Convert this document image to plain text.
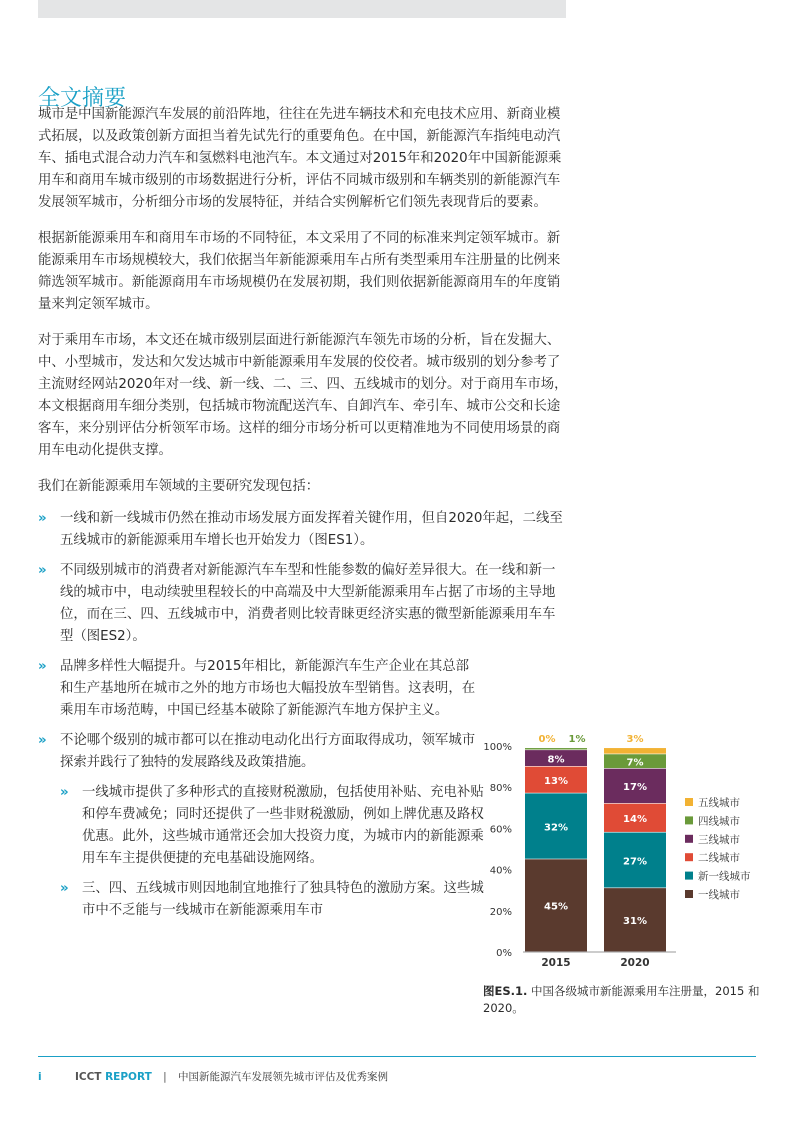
全文摘要

城市是中国新能源汽车发展的前沿阵地，往往在先进车辆技术和充电技术应用、新商业模式拓展，以及政策创新方面担当着先试先行的重要角色。在中国，新能源汽车指纯电动汽车、插电式混合动力汽车和氢燃料电池汽车。本文通过对2015年和2020年中国新能源乘用车和商用车城市级别的市场数据进行分析，评估不同城市级别和车辆类别的新能源汽车发展领军城市，分析细分市场的发展特征，并结合实例解析它们领先表现背后的要素。

根据新能源乘用车和商用车市场的不同特征，本文采用了不同的标准来判定领军城市。新能源乘用车市场规模较大，我们依据当年新能源乘用车占所有类型乘用车注册量的比例来筛选领军城市。新能源商用车市场规模仍在发展初期，我们则依据新能源商用车的年度销量来判定领军城市。

对于乘用车市场，本文还在城市级别层面进行新能源汽车领先市场的分析，旨在发掘大、中、小型城市，发达和欠发达城市中新能源乘用车发展的佼佼者。城市级别的划分参考了主流财经网站2020年对一线、新一线、二、三、四、五线城市的划分。对于商用车市场，本文根据商用车细分类别，包括城市物流配送汽车、自卸汽车、牵引车、城市公交和长途客车，来分别评估分析领军市场。这样的细分市场分析可以更精准地为不同使用场景的商用车电动化提供支撑。

我们在新能源乘用车领域的主要研究发现包括：

» 一线和新一线城市仍然在推动市场发展方面发挥着关键作用，但自2020年起，二线至五线城市的新能源乘用车增长也开始发力（图ES1）。
» 不同级别城市的消费者对新能源汽车车型和性能参数的偏好差异很大。在一线和新一线的城市中，电动续驶里程较长的中高端及中大型新能源乘用车占据了市场的主导地位，而在三、四、五线城市中，消费者则比较青睐更经济实惠的微型新能源乘用车车型（图ES2）。
» 品牌多样性大幅提升。与2015年相比，新能源汽车生产企业在其总部和生产基地所在城市之外的地方市场也大幅投放车型销售。这表明，在乘用车市场范畴，中国已经基本破除了新能源汽车地方保护主义。
» 不论哪个级别的城市都可以在推动电动化出行方面取得成功，领军城市探索并践行了独特的发展路线及政策措施。
» 一线城市提供了多种形式的直接财税激励，包括使用补贴、充电补贴和停车费减免；同时还提供了一些非财税激励，例如上牌优惠及路权优惠。此外，这些城市通常还会加大投资力度，为城市内的新能源乘用车车主提供便捷的充电基础设施网络。
» 三、四、五线城市则因地制宜地推行了独具特色的激励方案。这些城市中不乏能与一线城市在新能源乘用车市
0%
20%
40%
60%
80%
100%
45%
32%
13%
8%
0% 1%
2015
31%
27%
14%
17%
7%
3%
2020
五线城市
四线城市
三线城市
二线城市
新一线城市
一线城市
图ES.1. 中国各级城市新能源乘用车注册量，2015 和2020。
i	ICCT REPORT | 中国新能源汽车发展领先城市评估及优秀案例
